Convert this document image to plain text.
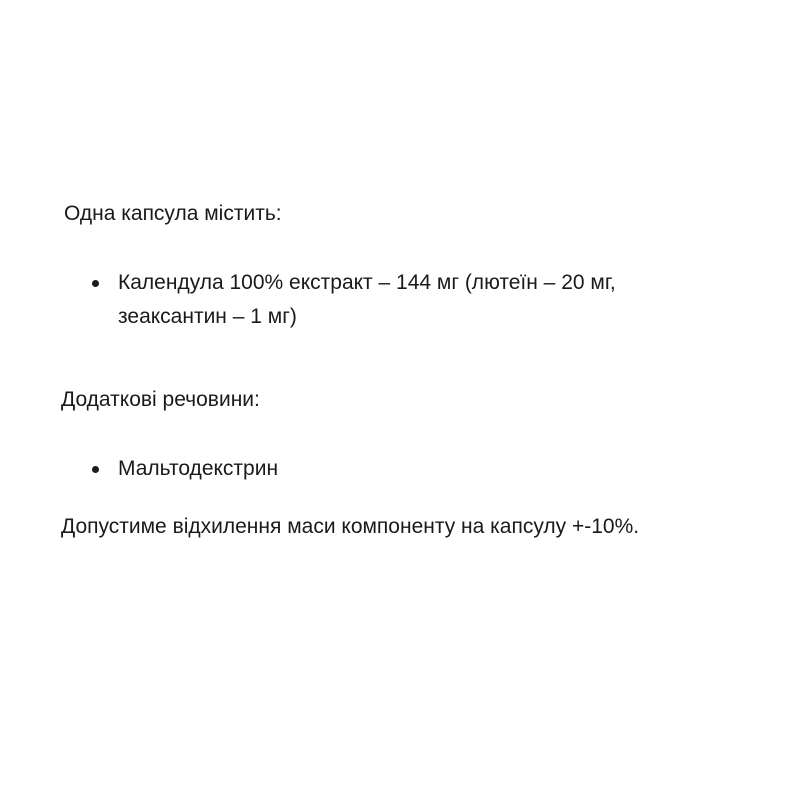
Одна капсула містить:
Календула 100% екстракт – 144 мг (лютеїн – 20 мг,
зеаксантин – 1 мг)
Додаткові речовини:
Мальтодекстрин
Допустиме відхилення маси компоненту на капсулу +-10%.
